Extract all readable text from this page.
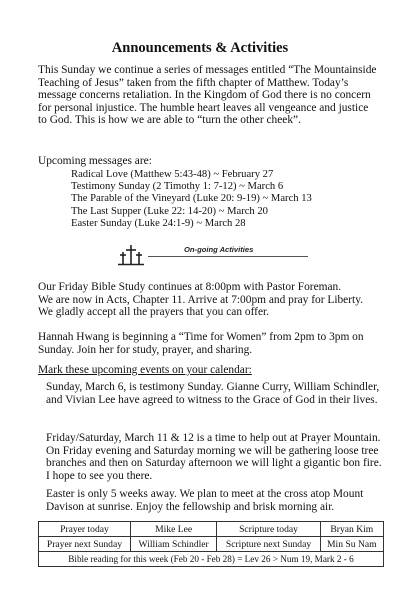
Announcements & Activities

This Sunday we continue a series of messages entitled “The Mountainside Teaching of Jesus” taken from the fifth chapter of Matthew. Today’s message concerns retaliation. In the Kingdom of God there is no concern for personal injustice. The humble heart leaves all vengeance and justice to God. This is how we are able to “turn the other cheek”.

Upcoming messages are:
Radical Love (Matthew 5:43-48) ~ February 27
Testimony Sunday (2 Timothy 1: 7-12) ~ March 6
The Parable of the Vineyard (Luke 20: 9-19) ~ March 13
The Last Supper (Luke 22: 14-20) ~ March 20
Easter Sunday (Luke 24:1-9) ~ March 28
On-going Activities
Our Friday Bible Study continues at 8:00pm with Pastor Foreman.
We are now in Acts, Chapter 11. Arrive at 7:00pm and pray for Liberty.
We gladly accept all the prayers that you can offer.
Hannah Hwang is beginning a “Time for Women” from 2pm to 3pm on Sunday. Join her for study, prayer, and sharing.
Mark these upcoming events on your calendar:
Sunday, March 6, is testimony Sunday. Gianne Curry, William Schindler, and Vivian Lee have agreed to witness to the Grace of God in their lives.
Friday/Saturday, March 11 & 12 is a time to help out at Prayer Mountain. On Friday evening and Saturday morning we will be gathering loose tree branches and then on Saturday afternoon we will light a gigantic bon fire. I hope to see you there.
Easter is only 5 weeks away. We plan to meet at the cross atop Mount Davison at sunrise. Enjoy the fellowship and brisk morning air.
Prayer today	Mike Lee	Scripture today	Bryan Kim
Prayer next Sunday	William Schindler	Scripture next Sunday	Min Su Nam
Bible reading for this week (Feb 20 - Feb 28) = Lev 26 > Num 19, Mark 2 - 6			
